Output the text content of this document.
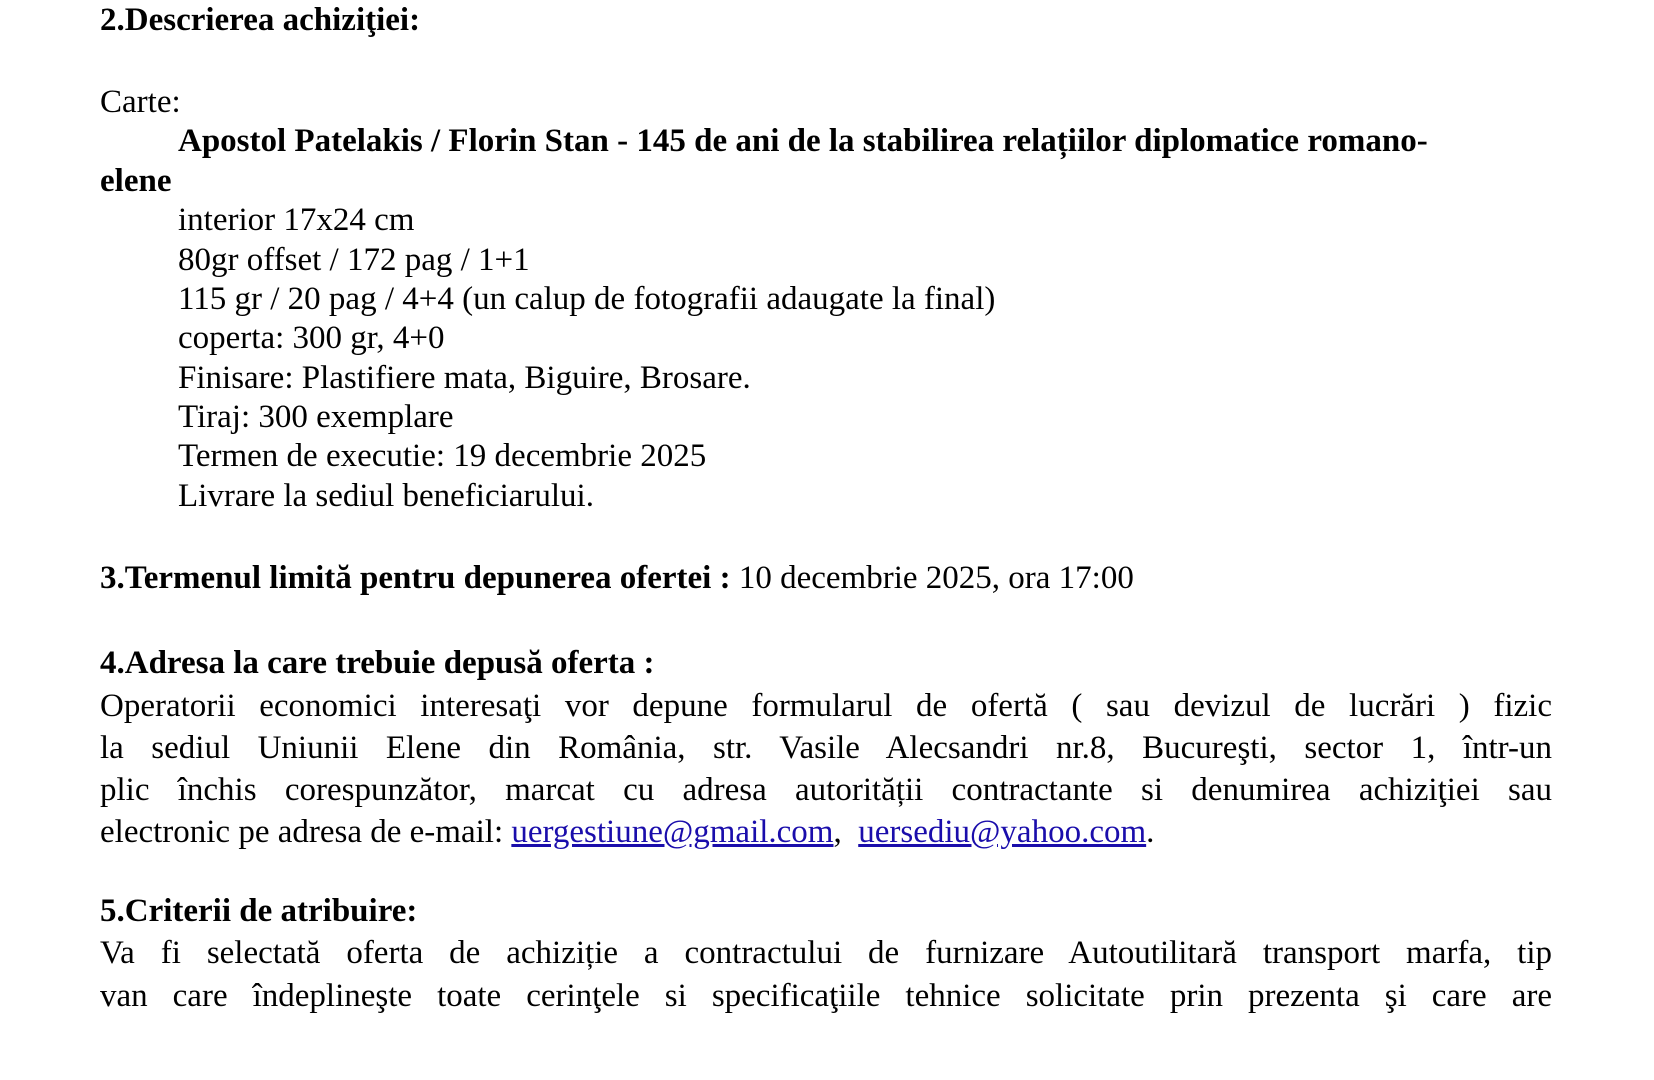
2.Descrierea achiziţiei:
Carte:
Apostol Patelakis / Florin Stan - 145 de ani de la stabilirea relațiilor diplomatice romano-
elene
interior 17x24 cm
80gr offset / 172 pag / 1+1
115 gr / 20 pag / 4+4 (un calup de fotografii adaugate la final)
coperta: 300 gr, 4+0
Finisare: Plastifiere mata, Biguire, Brosare.
Tiraj: 300 exemplare
Termen de executie: 19 decembrie 2025
Livrare la sediul beneficiarului.
3.Termenul limită pentru depunerea ofertei : 10 decembrie 2025, ora 17:00
4.Adresa la care trebuie depusă oferta :
Operatorii economici interesaţi vor depune formularul de ofertă ( sau devizul de lucrări ) fizic
la sediul Uniunii Elene din România, str. Vasile Alecsandri nr.8, Bucureşti, sector 1, într-un
plic închis corespunzător, marcat cu adresa autorității contractante si denumirea achiziţiei sau
electronic pe adresa de e-mail: uergestiune@gmail.com,  uersediu@yahoo.com.
5.Criterii de atribuire:
Va fi selectată oferta de achiziție a contractului de furnizare Autoutilitară transport marfa, tip
van care îndeplineşte toate cerinţele si specificaţiile tehnice solicitate prin prezenta şi care are
